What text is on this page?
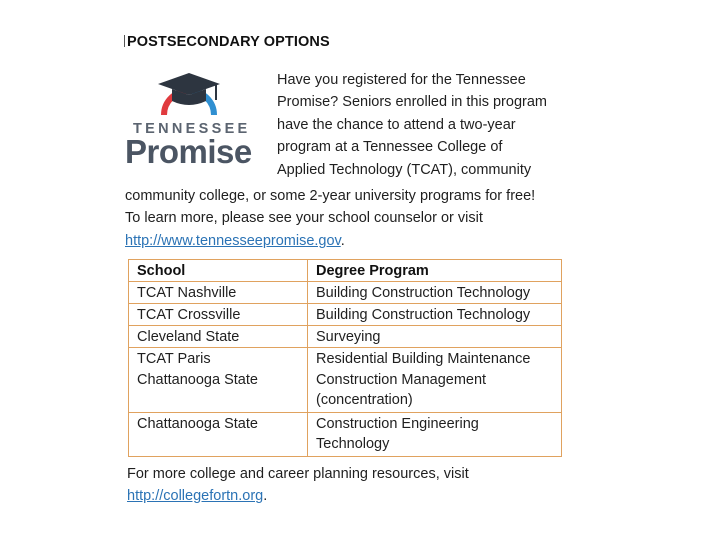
POSTSECONDARY OPTIONS
TENNESSEE
Promise
Have you registered for the Tennessee
Promise? Seniors enrolled in this program
have the chance to attend a two-year
program at a Tennessee College of
Applied Technology (TCAT), community
community college, or some 2-year university programs for free!
To learn more, please see your school counselor or visit
http://www.tennesseepromise.gov.
School	Degree Program
TCAT Nashville	Building Construction Technology
TCAT Crossville	Building Construction Technology
Cleveland State	Surveying
TCAT Paris	Residential Building Maintenance
Chattanooga State	Construction Management
(concentration)

Chattanooga State	Construction Engineering
Technology
For more college and career planning resources, visit
http://collegefortn.org.
